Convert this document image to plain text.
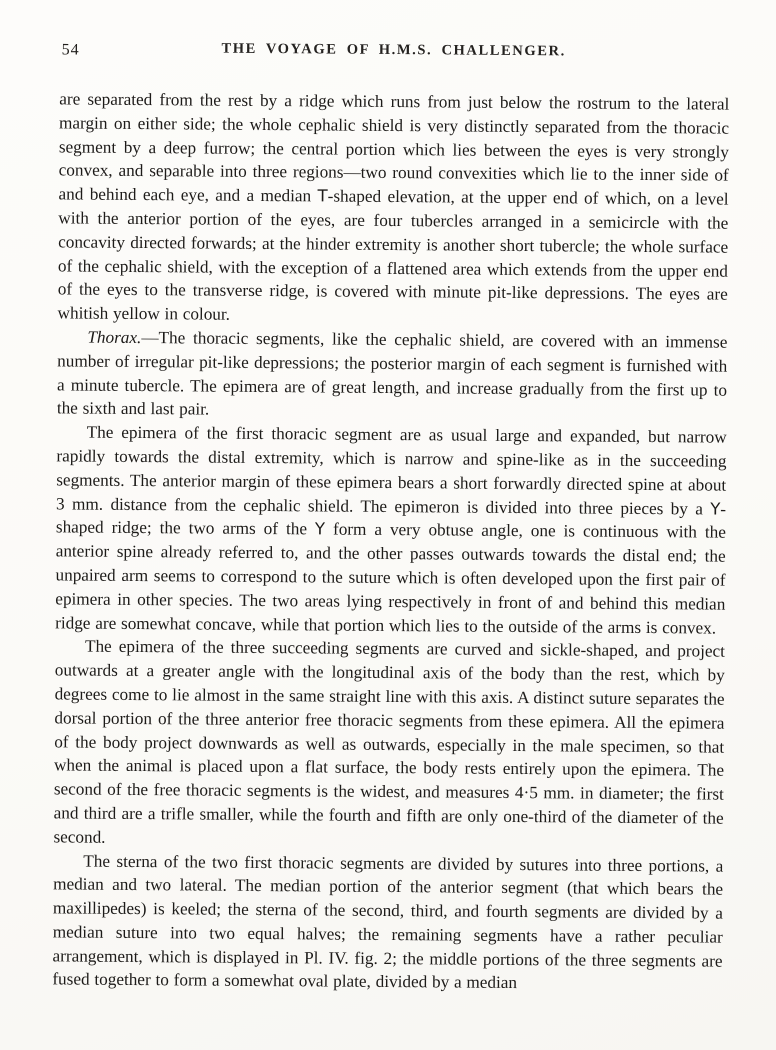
54	THE VOYAGE OF H.M.S. CHALLENGER.

are separated from the rest by a ridge which runs from just below the rostrum to the lateral margin on either side; the whole cephalic shield is very distinctly separated from the thoracic segment by a deep furrow; the central portion which lies between the eyes is very strongly convex, and separable into three regions—two round convexities which lie to the inner side of and behind each eye, and a median T-shaped elevation, at the upper end of which, on a level with the anterior portion of the eyes, are four tubercles arranged in a semicircle with the concavity directed forwards; at the hinder extremity is another short tubercle; the whole surface of the cephalic shield, with the exception of a flattened area which extends from the upper end of the eyes to the transverse ridge, is covered with minute pit-like depressions. The eyes are whitish yellow in colour.

Thorax.—The thoracic segments, like the cephalic shield, are covered with an immense number of irregular pit-like depressions; the posterior margin of each segment is furnished with a minute tubercle. The epimera are of great length, and increase gradually from the first up to the sixth and last pair.

The epimera of the first thoracic segment are as usual large and expanded, but narrow rapidly towards the distal extremity, which is narrow and spine-like as in the succeeding segments. The anterior margin of these epimera bears a short forwardly directed spine at about 3 mm. distance from the cephalic shield. The epimeron is divided into three pieces by a Y-shaped ridge; the two arms of the Y form a very obtuse angle, one is continuous with the anterior spine already referred to, and the other passes outwards towards the distal end; the unpaired arm seems to correspond to the suture which is often developed upon the first pair of epimera in other species. The two areas lying respectively in front of and behind this median ridge are somewhat concave, while that portion which lies to the outside of the arms is convex.

The epimera of the three succeeding segments are curved and sickle-shaped, and project outwards at a greater angle with the longitudinal axis of the body than the rest, which by degrees come to lie almost in the same straight line with this axis. A distinct suture separates the dorsal portion of the three anterior free thoracic segments from these epimera. All the epimera of the body project downwards as well as outwards, especially in the male specimen, so that when the animal is placed upon a flat surface, the body rests entirely upon the epimera. The second of the free thoracic segments is the widest, and measures 4·5 mm. in diameter; the first and third are a trifle smaller, while the fourth and fifth are only one-third of the diameter of the second.

The sterna of the two first thoracic segments are divided by sutures into three portions, a median and two lateral. The median portion of the anterior segment (that which bears the maxillipedes) is keeled; the sterna of the second, third, and fourth segments are divided by a median suture into two equal halves; the remaining segments have a rather peculiar arrangement, which is displayed in Pl. IV. fig. 2; the middle portions of the three segments are fused together to form a somewhat oval plate, divided by a median
